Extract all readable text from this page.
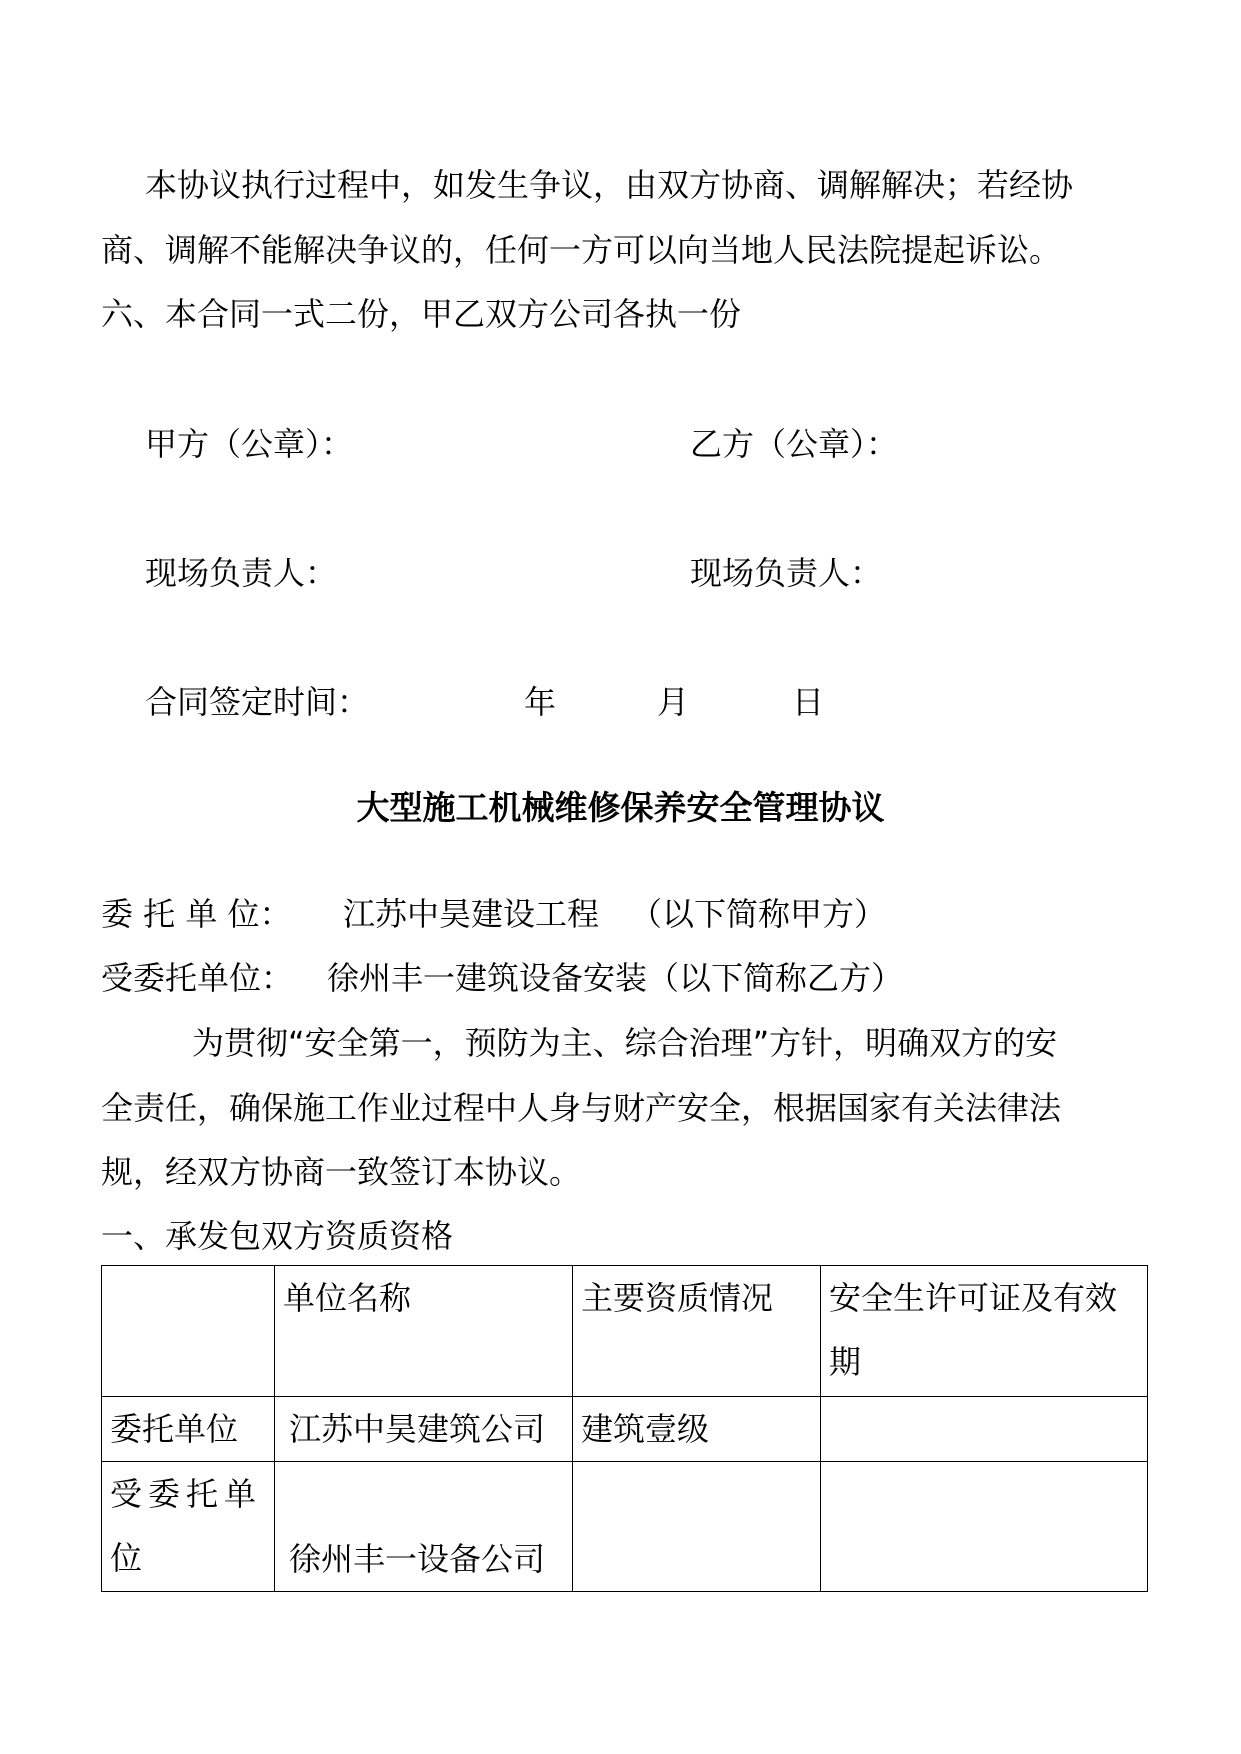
本协议执行过程中，如发生争议，由双方协商、调解解决；若经协
商、调解不能解决争议的，任何一方可以向当地人民法院提起诉讼。
六、本合同一式二份，甲乙双方公司各执一份
甲方（公章）：	乙方（公章）：
现场负责人：	现场负责人：
合同签定时间：	年	月	日
大型施工机械维修保养安全管理协议
委 托 单 位： 江苏中昊建设工程 （以下简称甲方）
受委托单位： 徐州丰一建筑设备安装（以下简称乙方）
为贯彻“安全第一，预防为主、综合治理”方针，明确双方的安
全责任，确保施工作业过程中人身与财产安全，根据国家有关法律法
规，经双方协商一致签订本协议。
一、承发包双方资质资格
	单位名称	主要资质情况	安全生许可证及有效期
委托单位	江苏中昊建筑公司	建筑壹级	
受委托单位	徐州丰一设备公司		
